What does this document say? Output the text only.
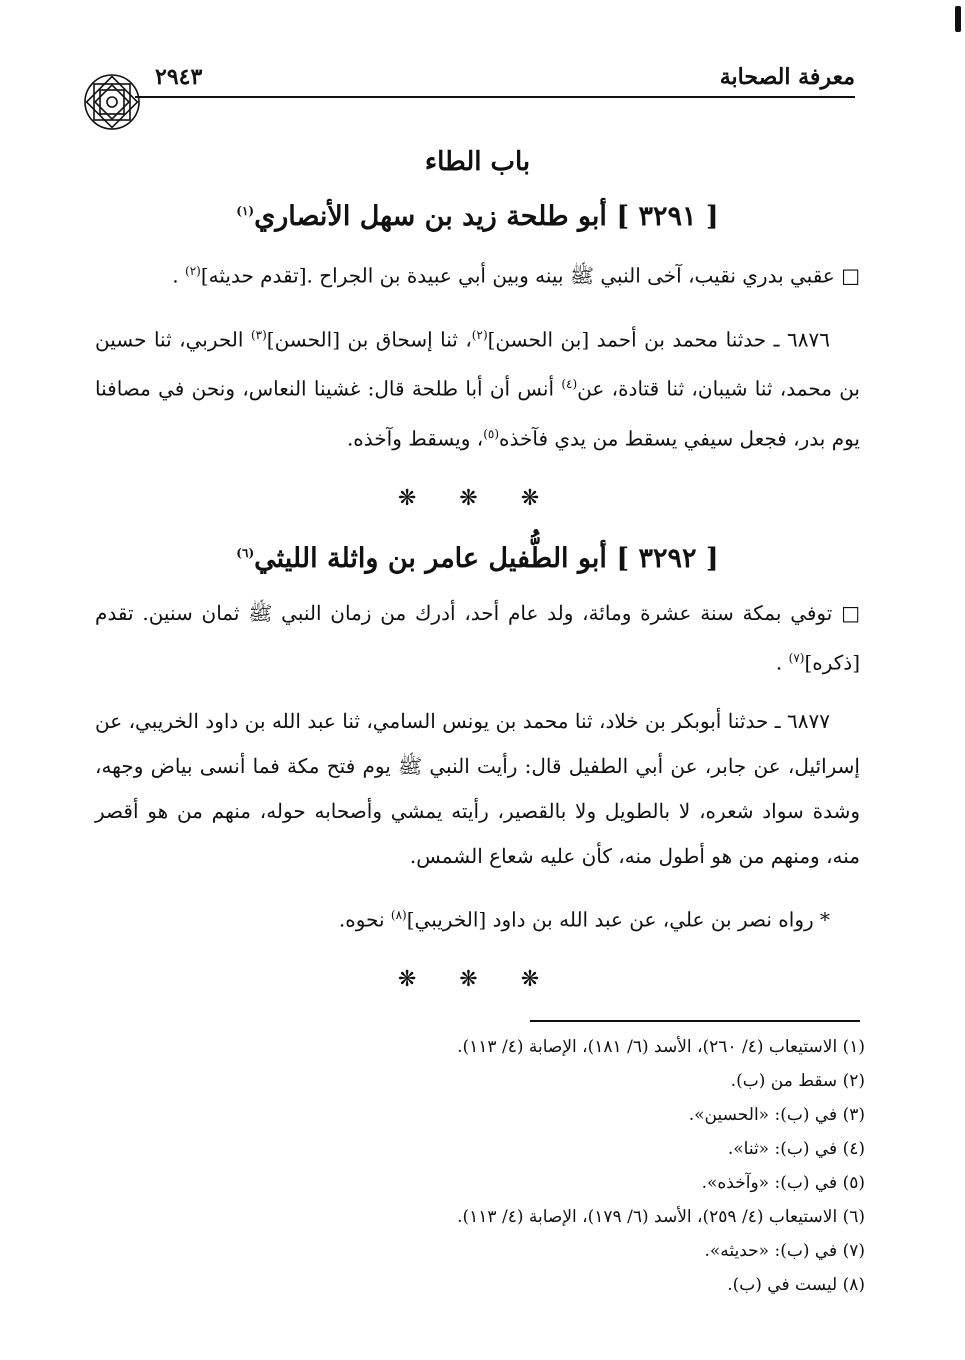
معرفة الصحابة
٢٩٤٣
باب الطاء
[ ٣٢٩١ ] أبو طلحة زيد بن سهل الأنصاري$^{(١)}$

□ عقبي بدري نقيب، آخى النبي ﷺ بينه وبين أبي عبيدة بن الجراح .[تقدم حديثه]$^{(٢)}$ .

٦٨٧٦ ـ حدثنا محمد بن أحمد [بن الحسن]$^{(٢)}$، ثنا إسحاق بن [الحسن]$^{(٣)}$ الحربي، ثنا حسين بن محمد، ثنا شيبان، ثنا قتادة، عن$^{(٤)}$ أنس أن أبا طلحة قال: غشينا النعاس، ونحن في مصافنا يوم بدر، فجعل سيفي يسقط من يدي فآخذه$^{(٥)}$، ويسقط وآخذه.

❋ ❋ ❋
[ ٣٢٩٢ ] أبو الطُّفيل عامر بن واثلة الليثي$^{(٦)}$

□ توفي بمكة سنة عشرة ومائة، ولد عام أحد، أدرك من زمان النبي ﷺ ثمان سنين. تقدم [ذكره]$^{(٧)}$ .

٦٨٧٧ ـ حدثنا أبوبكر بن خلاد، ثنا محمد بن يونس السامي، ثنا عبد الله بن داود الخريبي، عن إسرائيل، عن جابر، عن أبي الطفيل قال: رأيت النبي ﷺ يوم فتح مكة فما أنسى بياض وجهه، وشدة سواد شعره، لا بالطويل ولا بالقصير، رأيته يمشي وأصحابه حوله، منهم من هو أقصر منه، ومنهم من هو أطول منه، كأن عليه شعاع الشمس.

* رواه نصر بن علي، عن عبد الله بن داود [الخريبي]$^{(٨)}$ نحوه.

❋ ❋ ❋

(١) الاستيعاب (٤/ ٢٦٠)، الأسد (٦/ ١٨١)، الإصابة (٤/ ١١٣).

(٢) سقط من (ب).

(٣) في (ب): «الحسين».

(٤) في (ب): «ثنا».

(٥) في (ب): «وآخذه».

(٦) الاستيعاب (٤/ ٢٥٩)، الأسد (٦/ ١٧٩)، الإصابة (٤/ ١١٣).

(٧) في (ب): «حديثه».

(٨) ليست في (ب).
